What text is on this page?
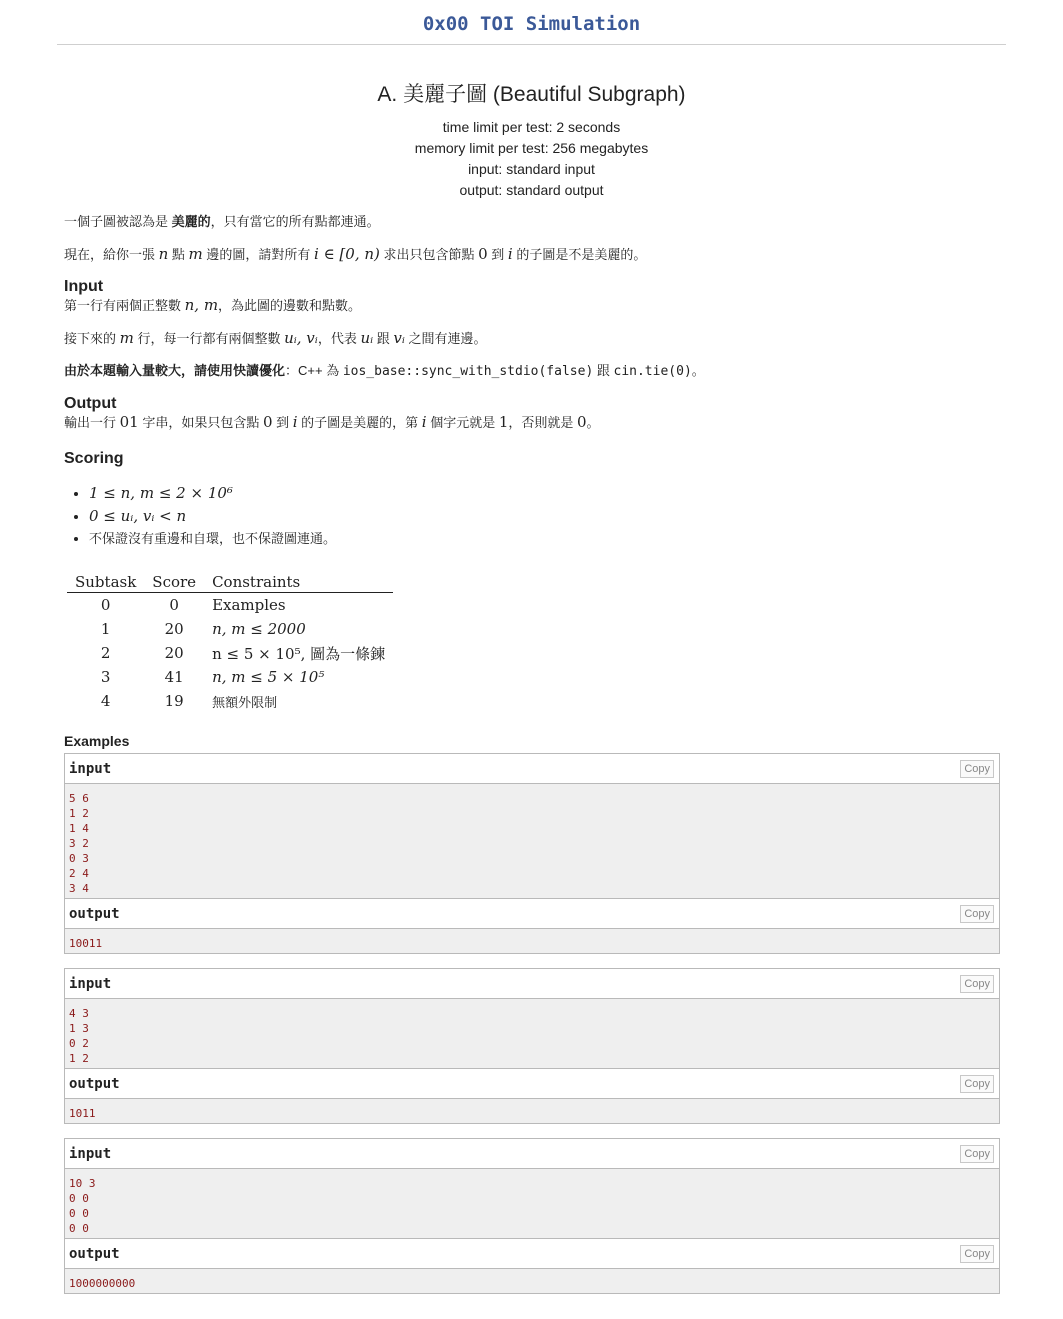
0x00 TOI Simulation
A. 美麗子圖 (Beautiful Subgraph)
time limit per test: 2 seconds
memory limit per test: 256 megabytes
input: standard input
output: standard output
一個子圖被認為是 美麗的，只有當它的所有點都連通。
現在，給你一張 n 點 m 邊的圖，請對所有 i ∈ [0, n) 求出只包含節點 0 到 i 的子圖是不是美麗的。
Input
第一行有兩個正整數 n, m，為此圖的邊數和點數。
接下來的 m 行，每一行都有兩個整數 uᵢ, vᵢ，代表 uᵢ 跟 vᵢ 之間有連邊。
由於本題輸入量較大，請使用快讀優化：C++ 為 ios_base::sync_with_stdio(false) 跟 cin.tie(0)。
Output
輸出一行 01 字串，如果只包含點 0 到 i 的子圖是美麗的，第 i 個字元就是 1，否則就是 0。
Scoring
• 1 ≤ n, m ≤ 2 × 10⁶
• 0 ≤ uᵢ, vᵢ < n
• 不保證沒有重邊和自環，也不保證圖連通。
Subtask	Score	Constraints
0	0	Examples
1	20	n, m ≤ 2000
2	20	n ≤ 5 × 10⁵, 圖為一條鍊
3	41	n, m ≤ 5 × 10⁵
4	19	無額外限制
Examples
input	Copy
5 6
1 2
1 4
3 2
0 3
2 4
3 4
output	Copy
10011
input	Copy
4 3
1 3
0 2
1 2
output	Copy
1011
input	Copy
10 3
0 0
0 0
0 0
output	Copy
1000000000
